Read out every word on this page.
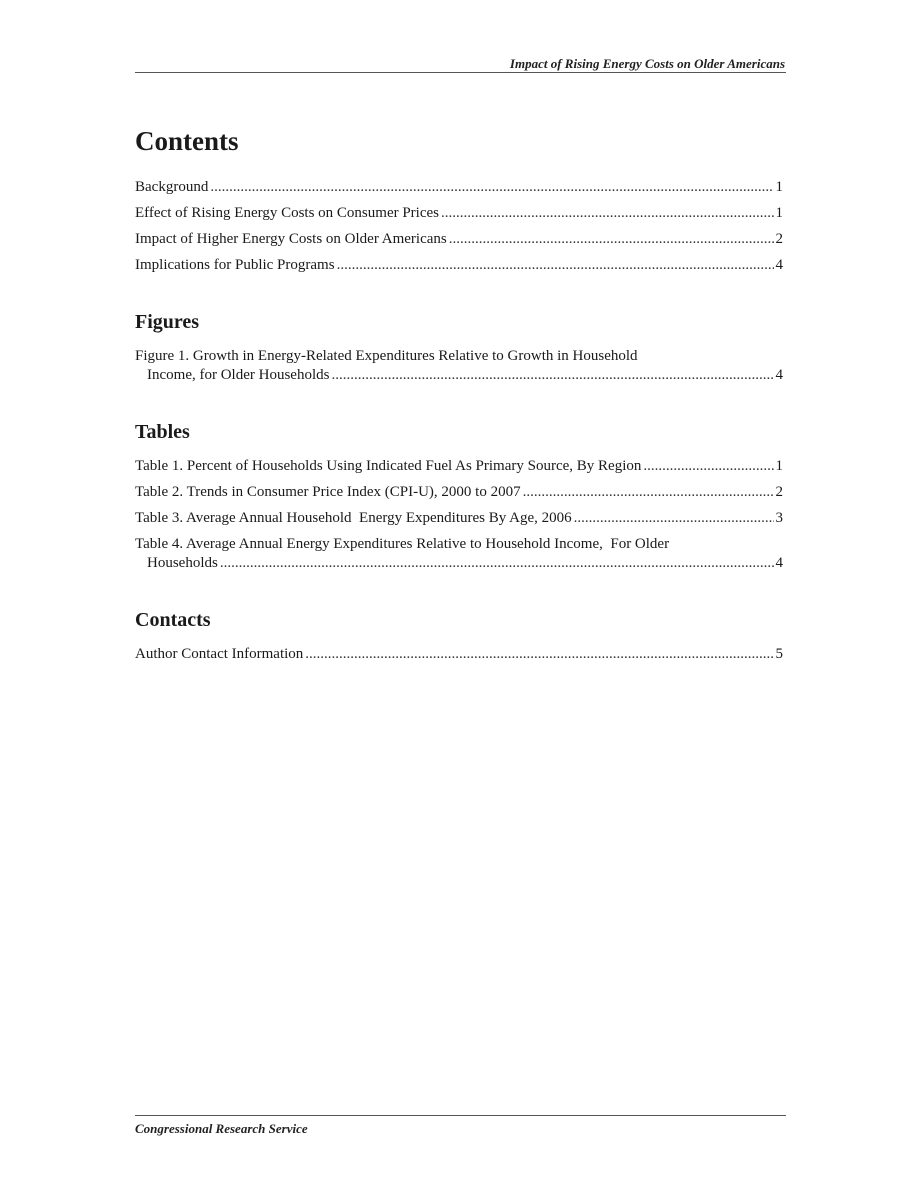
Impact of Rising Energy Costs on Older Americans
Contents
Background .....	1
Effect of Rising Energy Costs on Consumer Prices .....	1
Impact of Higher Energy Costs on Older Americans .....	2
Implications for Public Programs .....	4
Figures
Figure 1. Growth in Energy-Related Expenditures Relative to Growth in Household
Income, for Older Households .....	4
Tables
Table 1. Percent of Households Using Indicated Fuel As Primary Source, By Region .....	1
Table 2. Trends in Consumer Price Index (CPI-U), 2000 to 2007 .....	2
Table 3. Average Annual Household  Energy Expenditures By Age, 2006 .....	3
Table 4. Average Annual Energy Expenditures Relative to Household Income,  For Older
Households .....	4
Contacts
Author Contact Information .....	5
Congressional Research Service
